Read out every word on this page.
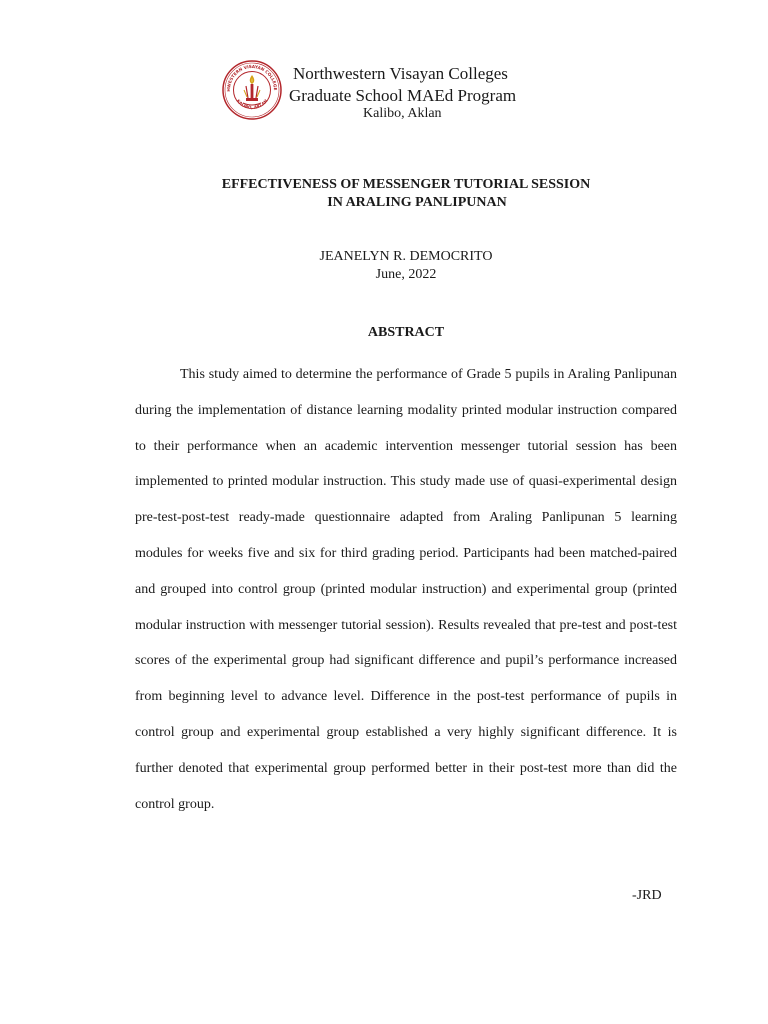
HWESTERN VISAYAN COLLEGE
KALIBO, AKLAN
Northwestern Visayan Colleges
Graduate School MAEd Program
Kalibo, Aklan
EFFECTIVENESS OF MESSENGER TUTORIAL SESSION
IN ARALING PANLIPUNAN
JEANELYN R. DEMOCRITO
June, 2022
ABSTRACT

This study aimed to determine the performance of Grade 5 pupils in Araling Panlipunan during the implementation of distance learning modality printed modular instruction compared to their performance when an academic intervention messenger tutorial session has been implemented to printed modular instruction. This study made use of quasi-experimental design pre-test-post-test ready-made questionnaire adapted from Araling Panlipunan 5 learning modules for weeks five and six for third grading period. Participants had been matched-paired and grouped into control group (printed modular instruction) and experimental group (printed modular instruction with messenger tutorial session). Results revealed that pre-test and post-test scores of the experimental group had significant difference and pupil’s performance increased from beginning level to advance level. Difference in the post-test performance of pupils in control group and experimental group established a very highly significant difference. It is further denoted that experimental group performed better in their post-test more than did the control group.

-JRD
